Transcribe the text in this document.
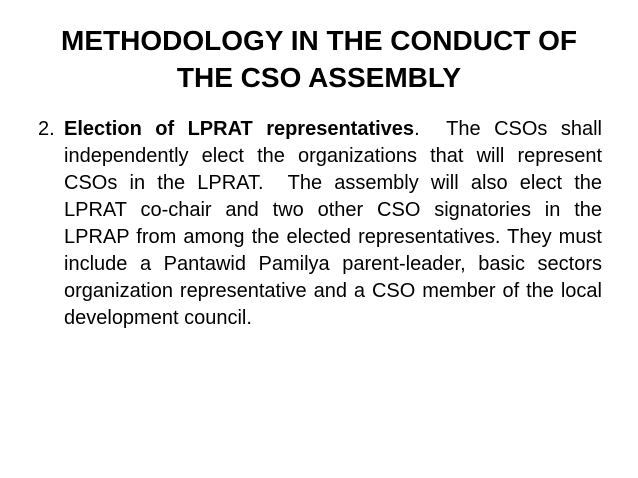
METHODOLOGY IN THE CONDUCT OF
THE CSO ASSEMBLY
2. Election of LPRAT representatives.  The CSOs shall independently elect the organizations that will represent CSOs in the LPRAT.  The assembly will also elect the LPRAT co-chair and two other CSO signatories in the LPRAP from among the elected representatives. They must include a Pantawid Pamilya parent-leader, basic sectors organization representative and a CSO member of the local development council.
